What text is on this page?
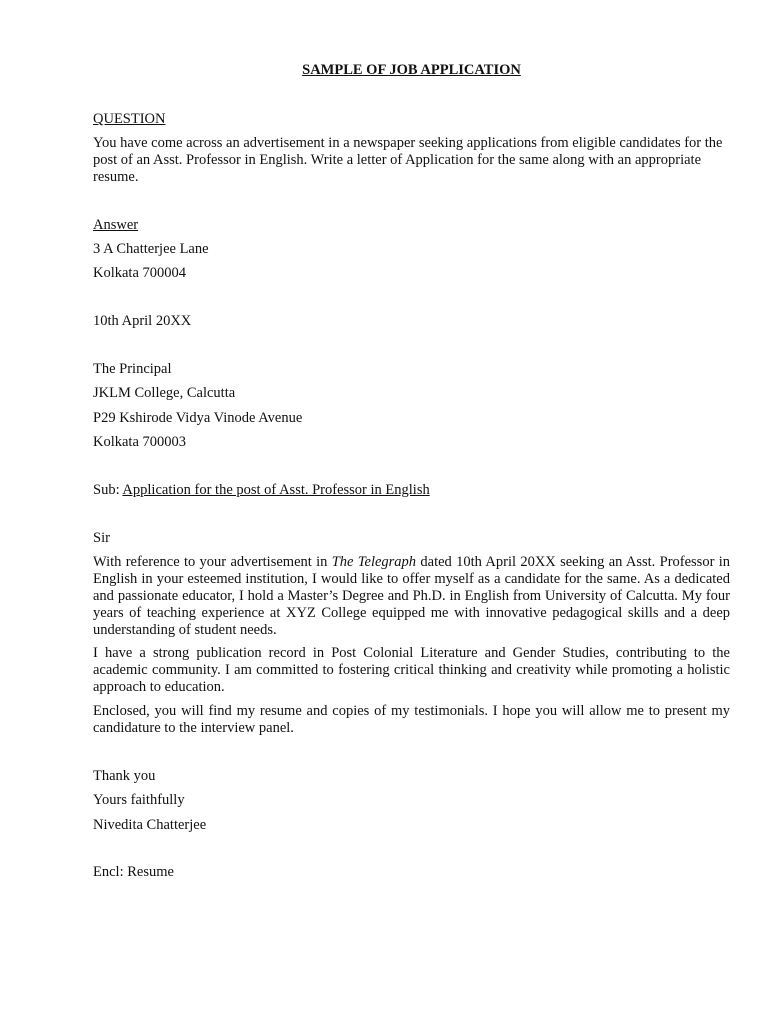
SAMPLE OF JOB APPLICATION
QUESTION
You have come across an advertisement in a newspaper seeking applications from eligible candidates for the post of an Asst. Professor in English. Write a letter of Application for the same along with an appropriate resume.
Answer
3 A Chatterjee Lane
Kolkata 700004
10th April 20XX
The Principal
JKLM College, Calcutta
P29 Kshirode Vidya Vinode Avenue
Kolkata 700003
Sub: Application for the post of Asst. Professor in English
Sir
With reference to your advertisement in The Telegraph dated 10th April 20XX seeking an Asst. Professor in English in your esteemed institution, I would like to offer myself as a candidate for the same. As a dedicated and passionate educator, I hold a Master’s Degree and Ph.D. in English from University of Calcutta. My four years of teaching experience at XYZ College equipped me with innovative pedagogical skills and a deep understanding of student needs.
I have a strong publication record in Post Colonial Literature and Gender Studies, contributing to the academic community. I am committed to fostering critical thinking and creativity while promoting a holistic approach to education.
Enclosed, you will find my resume and copies of my testimonials. I hope you will allow me to present my candidature to the interview panel.
Thank you
Yours faithfully
Nivedita Chatterjee
Encl: Resume
